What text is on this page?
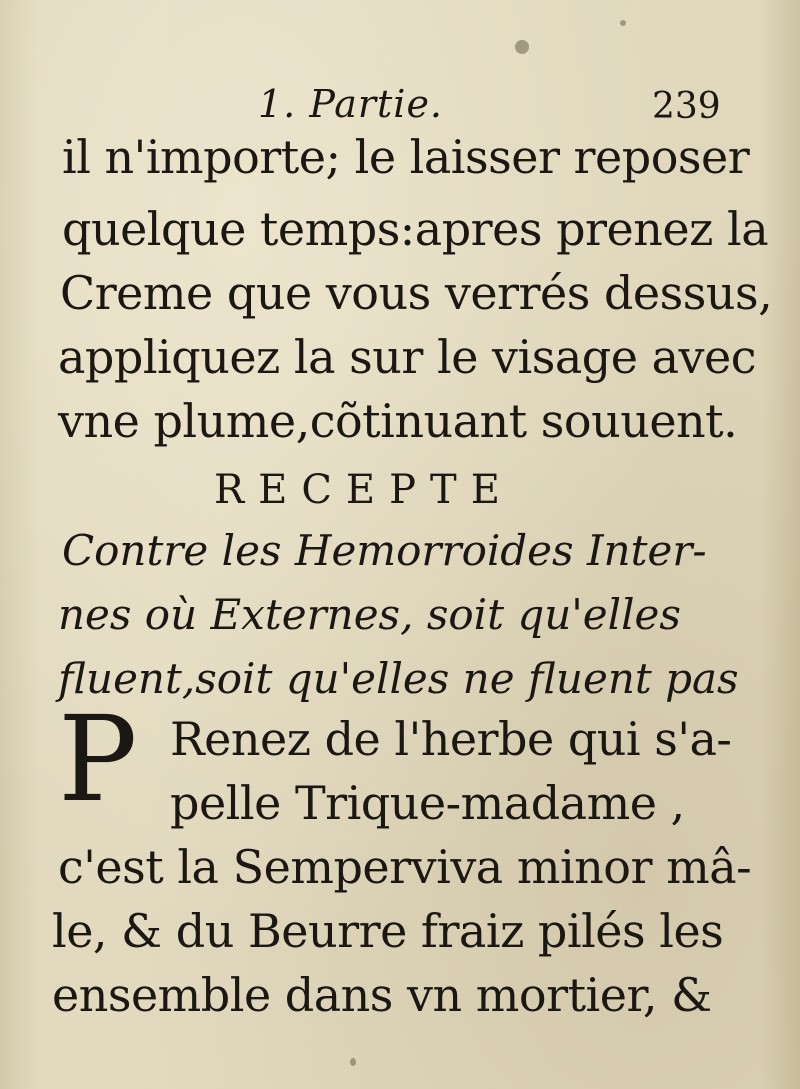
1. Partie.	239
il n'importe; le laisser reposer
quelque temps:apres prenez la
Creme que vous verrés dessus,
appliquez la sur le visage avec
vne plume,cõtinuant souuent.
RECEPTE
Contre les Hemorroides Inter-
nes où Externes, soit qu'elles
fluent,soit qu'elles ne fluent pas
P Renez de l'herbe qui s'a-
pelle Trique-madame ,
c'est la Semperviva minor mâ-
le, & du Beurre fraiz pilés les
ensemble dans vn mortier, &
